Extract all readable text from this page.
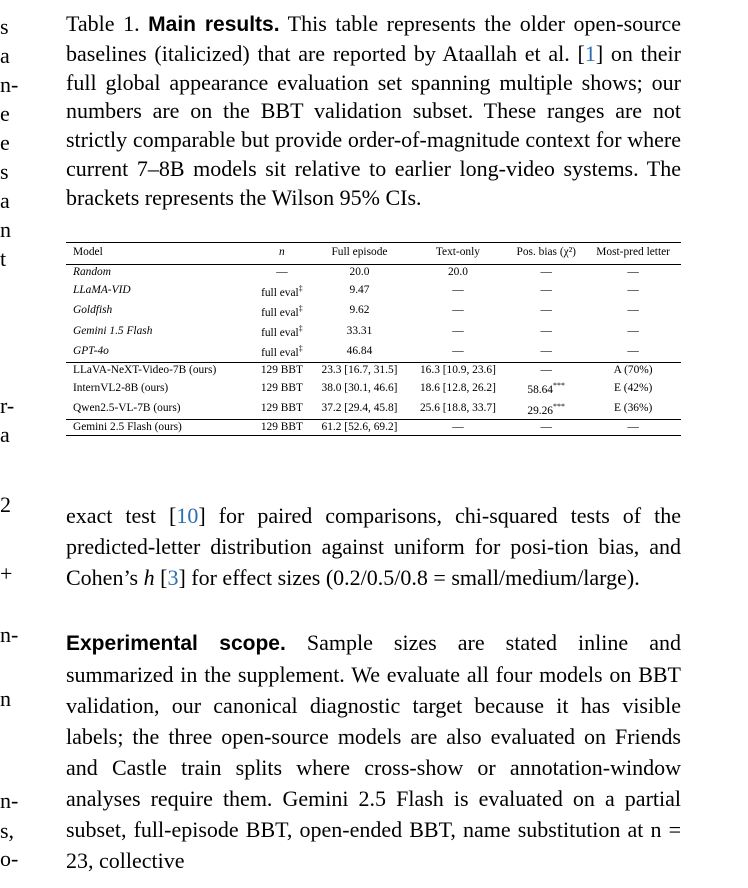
s
a
n-
e
e
s
a
n
t
r-
a
2
+
n-
n
n-
s,
o-
Table 1. Main results. This table represents the older open-source baselines (italicized) that are reported by Ataallah et al. [1] on their full global appearance evaluation set spanning multiple shows; our numbers are on the BBT validation subset. These ranges are not strictly comparable but provide order-of-magnitude context for where current 7–8B models sit relative to earlier long-video systems. The brackets represents the Wilson 95% CIs.
Model	n	Full episode	Text-only	Pos. bias (χ²)	Most-pred letter
Random	—	20.0	20.0	—	—
LLaMA-VID	full eval‡	9.47	—	—	—
Goldfish	full eval‡	9.62	—	—	—
Gemini 1.5 Flash	full eval‡	33.31	—	—	—
GPT-4o	full eval‡	46.84	—	—	—
LLaVA-NeXT-Video-7B (ours)	129 BBT	23.3 [16.7, 31.5]	16.3 [10.9, 23.6]	—	A (70%)
InternVL2-8B (ours)	129 BBT	38.0 [30.1, 46.6]	18.6 [12.8, 26.2]	58.64***	E (42%)
Qwen2.5-VL-7B (ours)	129 BBT	37.2 [29.4, 45.8]	25.6 [18.8, 33.7]	29.26***	E (36%)
Gemini 2.5 Flash (ours)	129 BBT	61.2 [52.6, 69.2]	—	—	—
exact test [10] for paired comparisons, chi-squared tests of the predicted-letter distribution against uniform for posi-tion bias, and Cohen’s h [3] for effect sizes (0.2/0.5/0.8 = small/medium/large).
Experimental scope. Sample sizes are stated inline and summarized in the supplement. We evaluate all four models on BBT validation, our canonical diagnostic target because it has visible labels; the three open-source models are also evaluated on Friends and Castle train splits where cross-show or annotation-window analyses require them. Gemini 2.5 Flash is evaluated on a partial subset, full-episode BBT, open-ended BBT, name substitution at n = 23, collective
